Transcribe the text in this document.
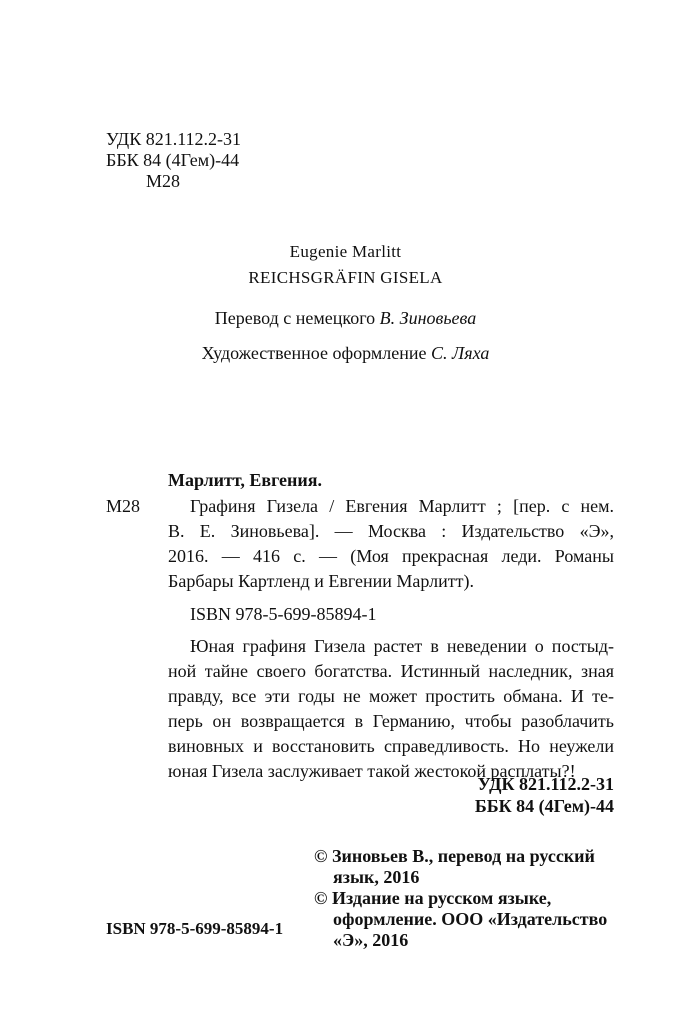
УДК 821.112.2-31
ББК 84 (4Гем)-44
М28
Eugenie Marlitt
REICHSGRÄFIN GISELA
Перевод с немецкого В. Зиновьева
Художественное оформление С. Ляха
Марлитт, Евгения.
М28	Графиня Гизела / Евгения Марлитт ; [пер. с нем.
В. Е. Зиновьева]. — Москва : Издательство «Э»,
2016. — 416 с. — (Моя прекрасная леди. Романы
Барбары Картленд и Евгении Марлитт).
ISBN 978-5-699-85894-1
Юная графиня Гизела растет в неведении о постыд-
ной тайне своего богатства. Истинный наследник, зная
правду, все эти годы не может простить обмана. И те-
перь он возвращается в Германию, чтобы разоблачить
виновных и восстановить справедливость. Но неужели
юная Гизела заслуживает такой жестокой расплаты?!
УДК 821.112.2-31
ББК 84 (4Гем)-44
© Зиновьев В., перевод на русский
язык, 2016
© Издание на русском языке,
оформление. ООО «Издательство
«Э», 2016
ISBN 978-5-699-85894-1
